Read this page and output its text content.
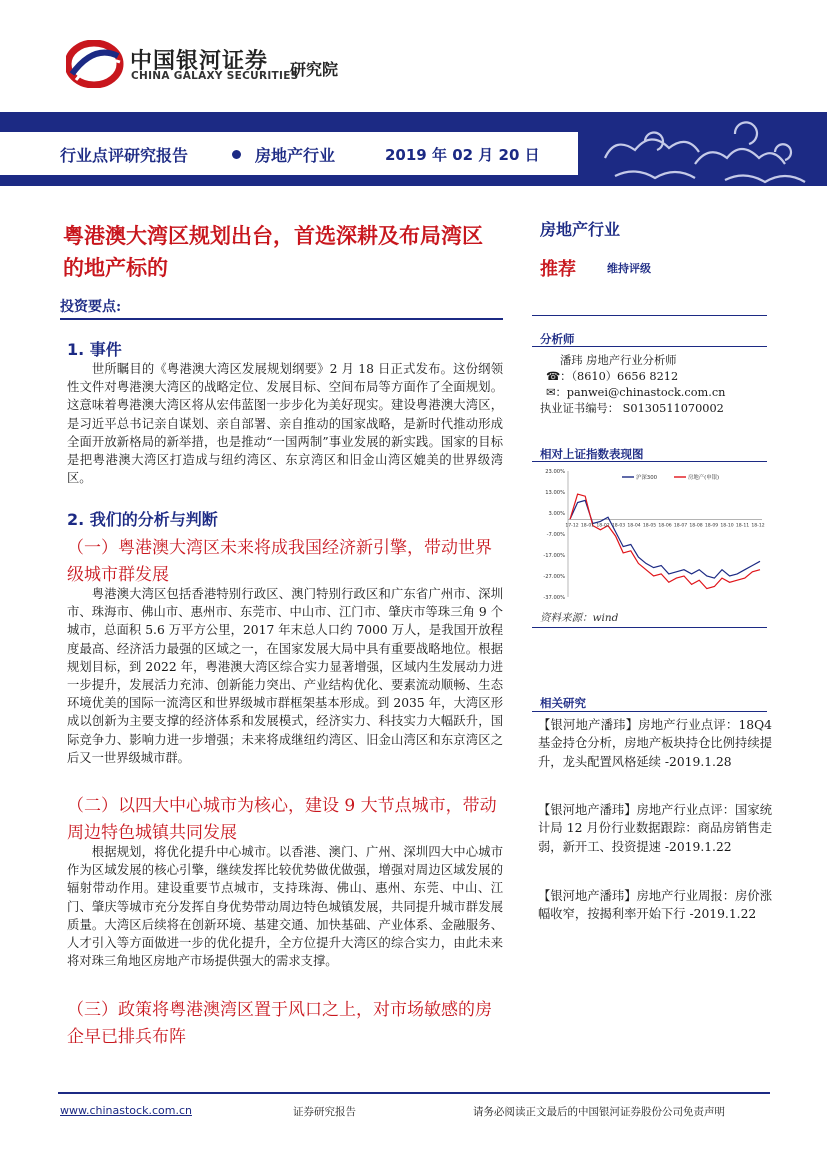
中国银河证券
CHINA GALAXY SECURITIES
研究院
行业点评研究报告	房地产行业	2019 年 02 月 20 日
粤港澳大湾区规划出台，首选深耕及布局湾区的地产标的
投资要点:
1. 事件
世所瞩目的《粤港澳大湾区发展规划纲要》2 月 18 日正式发布。这份纲领性文件对粤港澳大湾区的战略定位、发展目标、空间布局等方面作了全面规划。这意味着粤港澳大湾区将从宏伟蓝图一步步化为美好现实。建设粤港澳大湾区，是习近平总书记亲自谋划、亲自部署、亲自推动的国家战略，是新时代推动形成全面开放新格局的新举措，也是推动“一国两制”事业发展的新实践。国家的目标是把粤港澳大湾区打造成与纽约湾区、东京湾区和旧金山湾区媲美的世界级湾区。
2. 我们的分析与判断
（一）粤港澳大湾区未来将成我国经济新引擎，带动世界级城市群发展
粤港澳大湾区包括香港特别行政区、澳门特别行政区和广东省广州市、深圳市、珠海市、佛山市、惠州市、东莞市、中山市、江门市、肇庆市等珠三角 9 个城市，总面积 5.6 万平方公里，2017 年末总人口约 7000 万人，是我国开放程度最高、经济活力最强的区域之一，在国家发展大局中具有重要战略地位。根据规划目标，到 2022 年，粤港澳大湾区综合实力显著增强，区域内生发展动力进一步提升，发展活力充沛、创新能力突出、产业结构优化、要素流动顺畅、生态环境优美的国际一流湾区和世界级城市群框架基本形成。到 2035 年，大湾区形成以创新为主要支撑的经济体系和发展模式，经济实力、科技实力大幅跃升，国际竞争力、影响力进一步增强；未来将成继纽约湾区、旧金山湾区和东京湾区之后又一世界级城市群。
（二）以四大中心城市为核心，建设 9 大节点城市，带动周边特色城镇共同发展
根据规划，将优化提升中心城市。以香港、澳门、广州、深圳四大中心城市作为区域发展的核心引擎，继续发挥比较优势做优做强，增强对周边区域发展的辐射带动作用。建设重要节点城市，支持珠海、佛山、惠州、东莞、中山、江门、肇庆等城市充分发挥自身优势带动周边特色城镇发展，共同提升城市群发展质量。大湾区后续将在创新环境、基建交通、加快基础、产业体系、金融服务、人才引入等方面做进一步的优化提升，全方位提升大湾区的综合实力，由此未来将对珠三角地区房地产市场提供强大的需求支撑。
（三）政策将粤港澳湾区置于风口之上，对市场敏感的房企早已排兵布阵
房地产行业
推荐	维持评级
分析师
潘玮 房地产行业分析师
☎：（8610）6656 8212
✉：panwei@chinastock.com.cn
执业证书编号： S0130511070002
相对上证指数表现图
23.00%
13.00%
3.00%
-7.00%
-17.00%
-27.00%
-37.00%
17-12 18-01 18-02 18-03 18-04 18-05 18-06 18-07 18-08 18-09 18-10 18-11 18-12
沪深300	房地产(申银)
资料来源：wind
相关研究
【银河地产潘玮】房地产行业点评：18Q4 基金持仓分析，房地产板块持仓比例持续提升，龙头配置风格延续 -2019.1.28
【银河地产潘玮】房地产行业点评：国家统计局 12 月份行业数据跟踪：商品房销售走弱，新开工、投资提速 -2019.1.22
【银河地产潘玮】房地产行业周报：房价涨幅收窄，按揭利率开始下行 -2019.1.22
www.chinastock.com.cn	证券研究报告	请务必阅读正文最后的中国银河证券股份公司免责声明
